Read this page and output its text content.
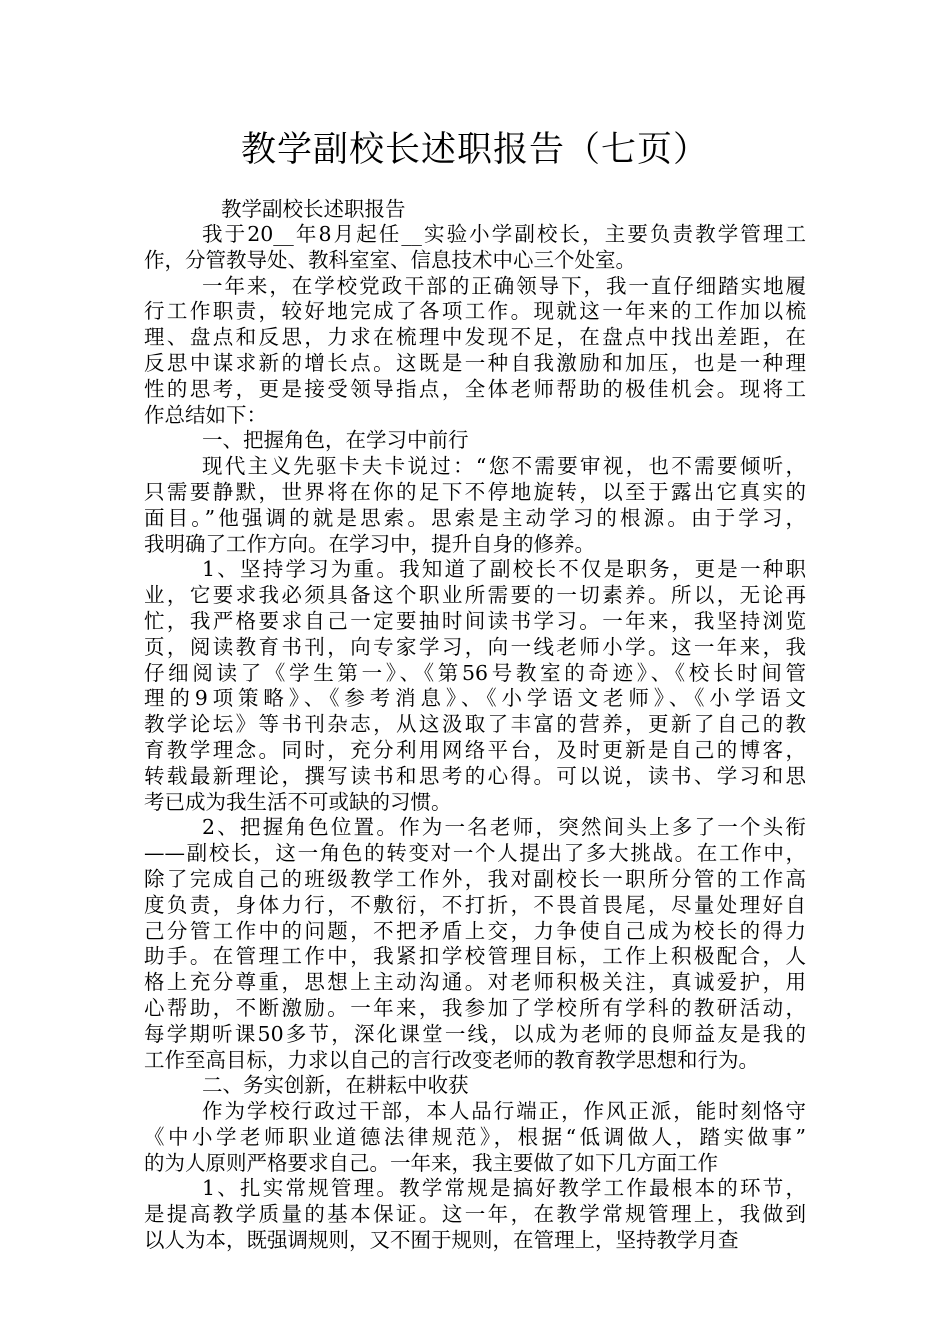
教学副校长述职报告（七页）
教学副校长述职报告
我于20__年8月起任__实验小学副校长，主要负责教学管理工
作，分管教导处、教科室室、信息技术中心三个处室。
一年来，在学校党政干部的正确领导下，我一直仔细踏实地履
行工作职责，较好地完成了各项工作。现就这一年来的工作加以梳
理、盘点和反思，力求在梳理中发现不足，在盘点中找出差距，在
反思中谋求新的增长点。这既是一种自我激励和加压，也是一种理
性的思考，更是接受领导指点，全体老师帮助的极佳机会。现将工
作总结如下：
一、把握角色，在学习中前行
现代主义先驱卡夫卡说过：“您不需要审视，也不需要倾听，
只需要静默，世界将在你的足下不停地旋转，以至于露出它真实的
面目。”他强调的就是思索。思索是主动学习的根源。由于学习，
我明确了工作方向。在学习中，提升自身的修养。
1、坚持学习为重。我知道了副校长不仅是职务，更是一种职
业，它要求我必须具备这个职业所需要的一切素养。所以，无论再
忙，我严格要求自己一定要抽时间读书学习。一年来，我坚持浏览
页，阅读教育书刊，向专家学习，向一线老师小学。这一年来，我
仔细阅读了《学生第一》、《第56号教室的奇迹》、《校长时间管
理的9项策略》、《参考消息》、《小学语文老师》、《小学语文
教学论坛》等书刊杂志，从这汲取了丰富的营养，更新了自己的教
育教学理念。同时，充分利用网络平台，及时更新是自己的博客，
转载最新理论，撰写读书和思考的心得。可以说，读书、学习和思
考已成为我生活不可或缺的习惯。
2、把握角色位置。作为一名老师，突然间头上多了一个头衔
——副校长，这一角色的转变对一个人提出了多大挑战。在工作中，
除了完成自己的班级教学工作外，我对副校长一职所分管的工作高
度负责，身体力行，不敷衍，不打折，不畏首畏尾，尽量处理好自
己分管工作中的问题，不把矛盾上交，力争使自己成为校长的得力
助手。在管理工作中，我紧扣学校管理目标，工作上积极配合，人
格上充分尊重，思想上主动沟通。对老师积极关注，真诚爱护，用
心帮助，不断激励。一年来，我参加了学校所有学科的教研活动，
每学期听课50多节，深化课堂一线，以成为老师的良师益友是我的
工作至高目标，力求以自己的言行改变老师的教育教学思想和行为。
二、务实创新，在耕耘中收获
作为学校行政过干部，本人品行端正，作风正派，能时刻恪守
《中小学老师职业道德法律规范》，根据“低调做人，踏实做事”
的为人原则严格要求自己。一年来，我主要做了如下几方面工作
1、扎实常规管理。教学常规是搞好教学工作最根本的环节，
是提高教学质量的基本保证。这一年，在教学常规管理上，我做到
以人为本，既强调规则，又不囿于规则，在管理上，坚持教学月查
